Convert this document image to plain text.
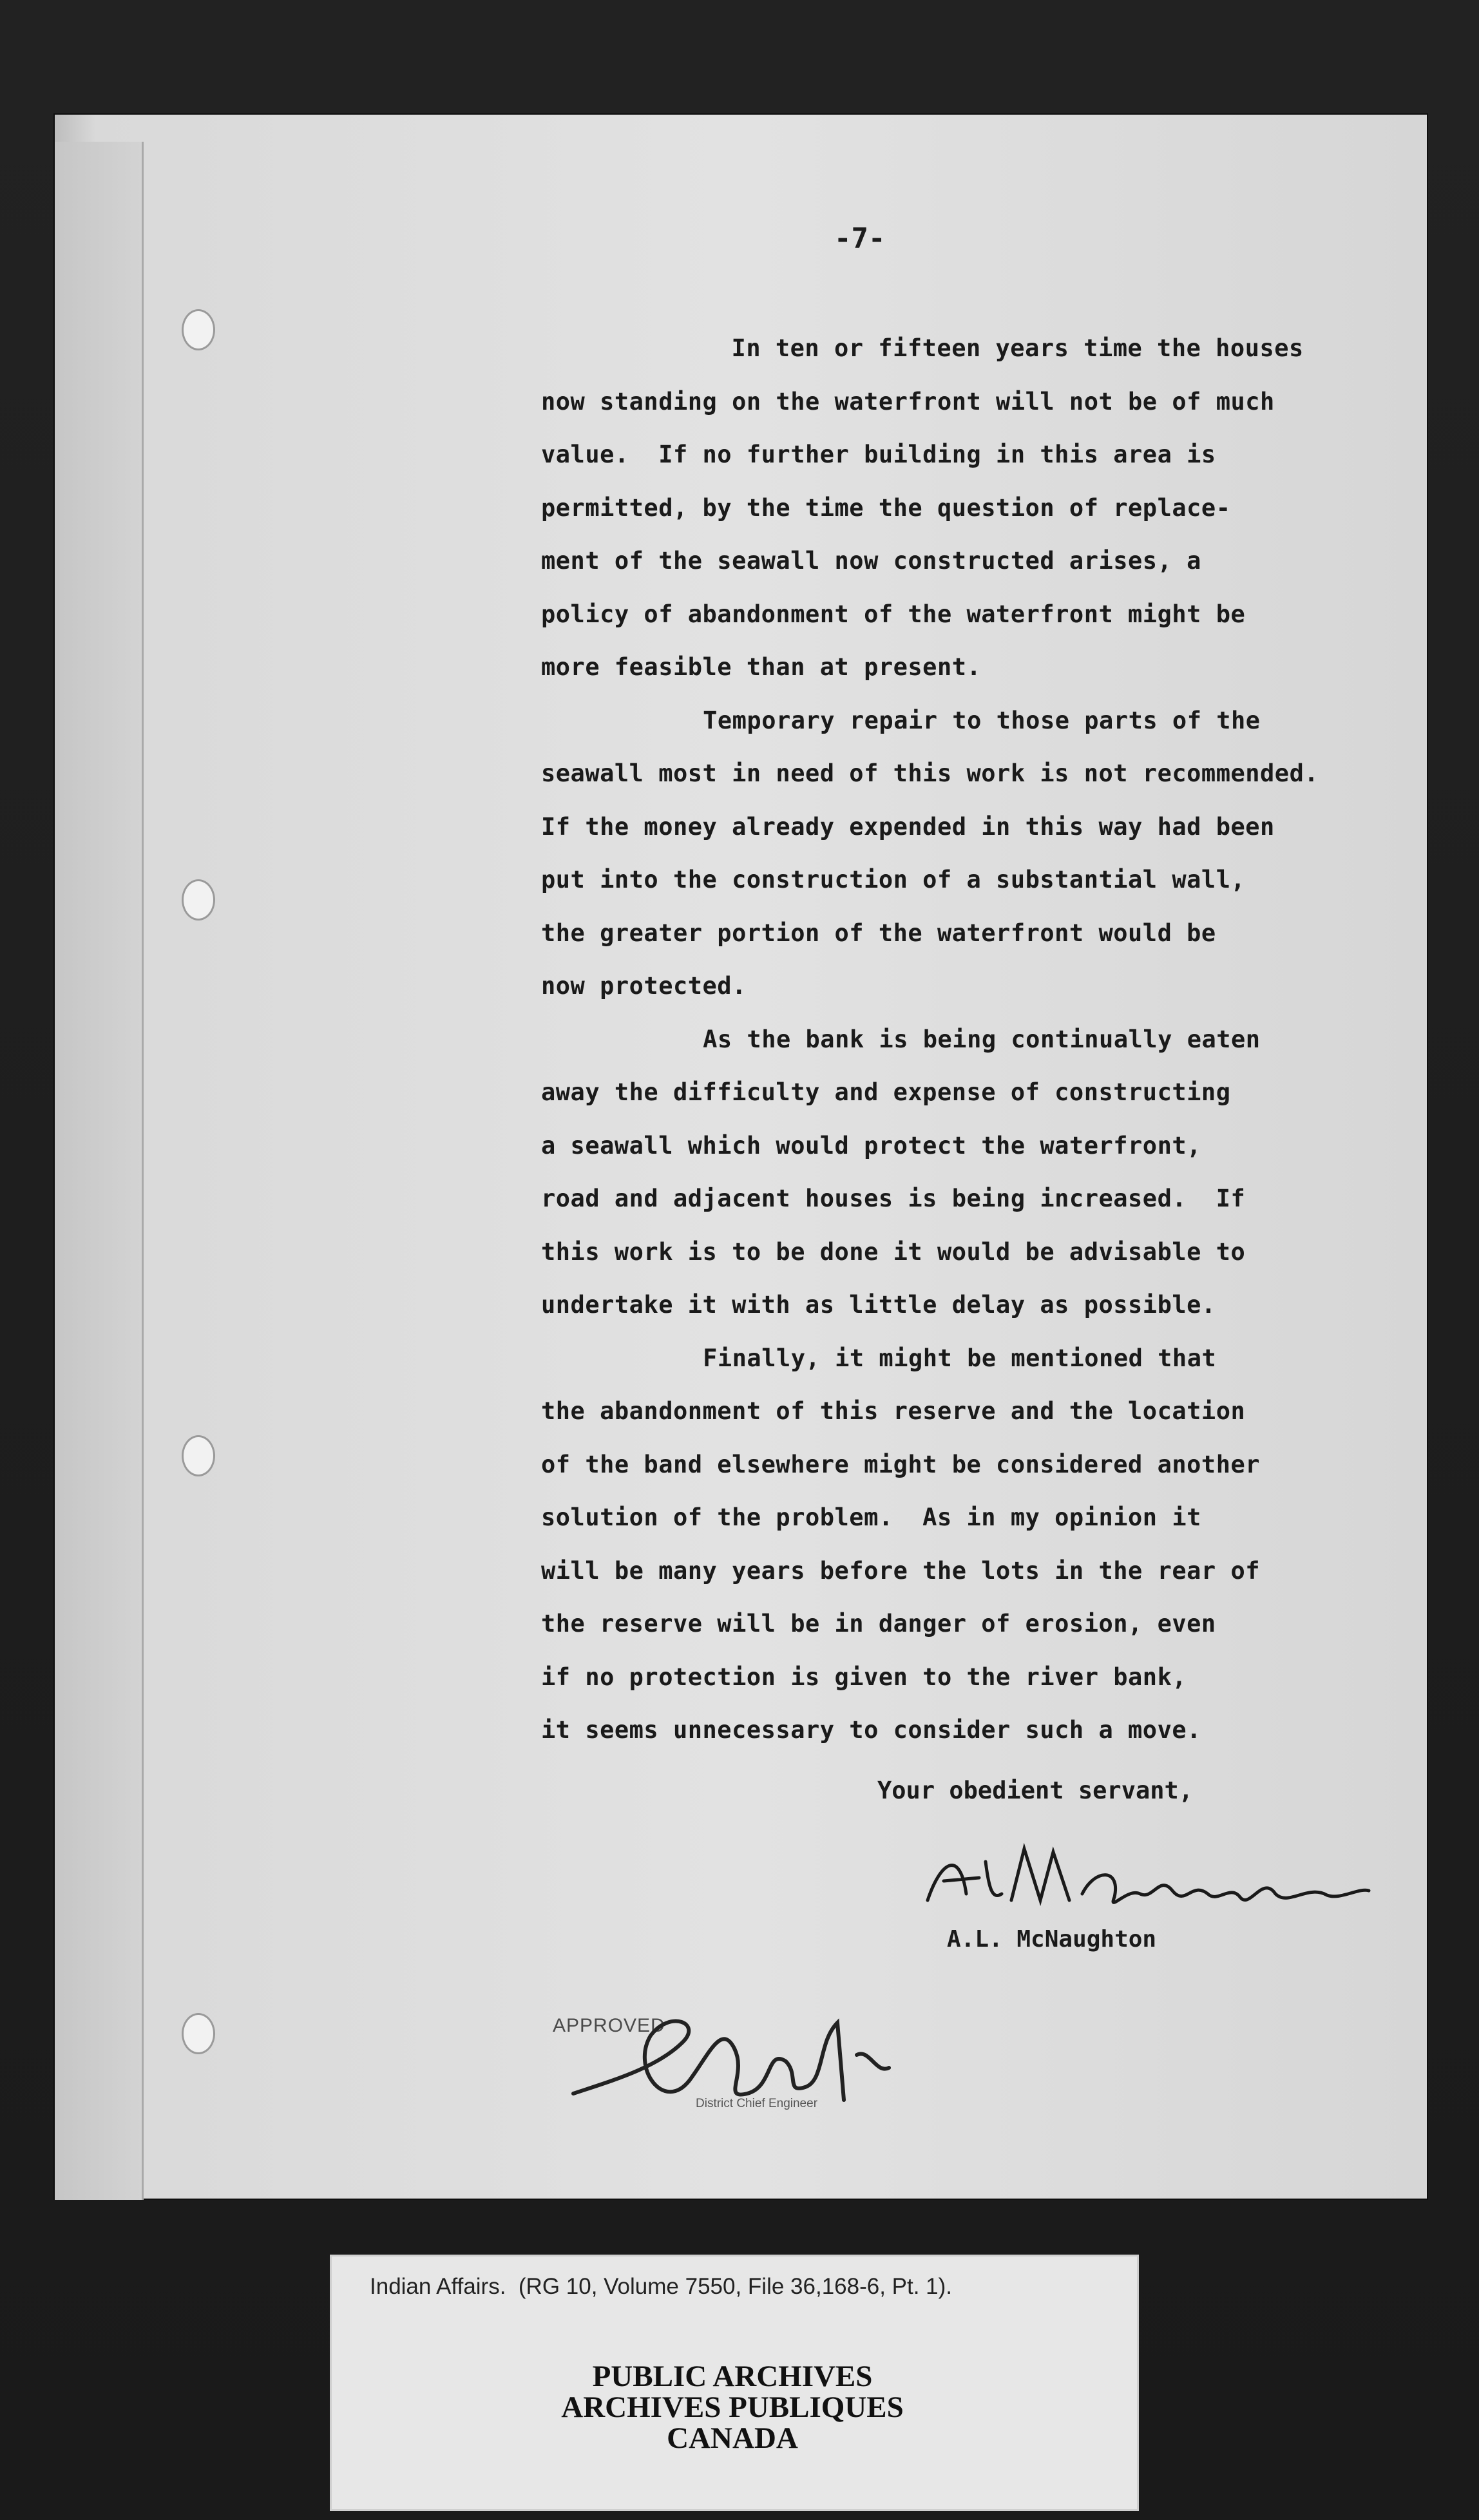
-7-
In ten or fifteen years time the houses
now standing on the waterfront will not be of much
value.  If no further building in this area is
permitted, by the time the question of replace-
ment of the seawall now constructed arises, a
policy of abandonment of the waterfront might be
more feasible than at present.
Temporary repair to those parts of the
seawall most in need of this work is not recommended.
If the money already expended in this way had been
put into the construction of a substantial wall,
the greater portion of the waterfront would be
now protected.
As the bank is being continually eaten
away the difficulty and expense of constructing
a seawall which would protect the waterfront,
road and adjacent houses is being increased.  If
this work is to be done it would be advisable to
undertake it with as little delay as possible.
Finally, it might be mentioned that
the abandonment of this reserve and the location
of the band elsewhere might be considered another
solution of the problem.  As in my opinion it
will be many years before the lots in the rear of
the reserve will be in danger of erosion, even
if no protection is given to the river bank,
it seems unnecessary to consider such a move.
Your obedient servant,
A.L. McNaughton
APPROVED
District Chief Engineer
Indian Affairs.  (RG 10, Volume 7550, File 36,168-6, Pt. 1).
PUBLIC ARCHIVES
ARCHIVES PUBLIQUES
CANADA
